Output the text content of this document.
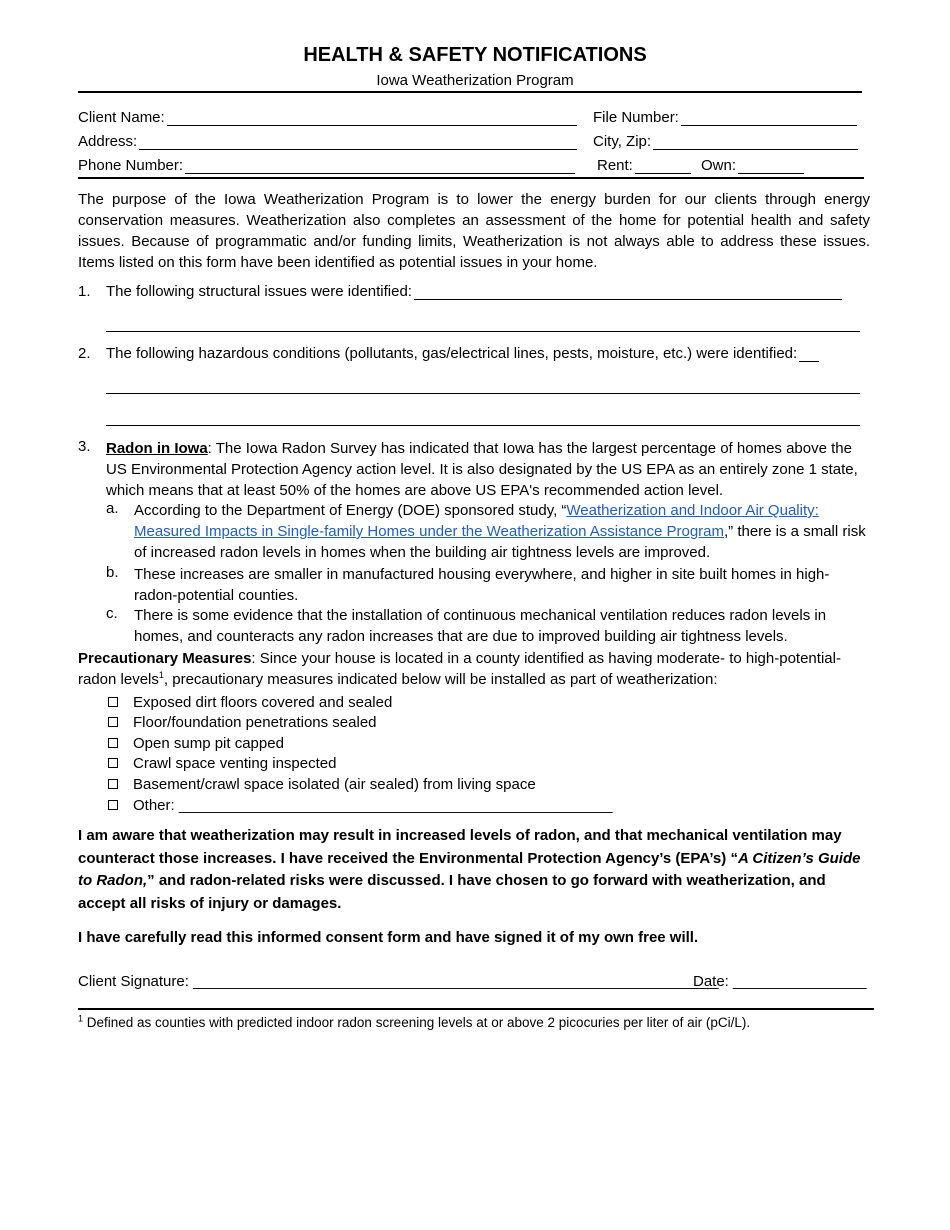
HEALTH & SAFETY NOTIFICATIONS
Iowa Weatherization Program
Client Name:	File Number:
Address:	City, Zip:
Phone Number:	Rent:	Own:
The purpose of the Iowa Weatherization Program is to lower the energy burden for our clients through energy conservation measures. Weatherization also completes an assessment of the home for potential health and safety issues. Because of programmatic and/or funding limits, Weatherization is not always able to address these issues. Items listed on this form have been identified as potential issues in your home.
1. The following structural issues were identified:
2. The following hazardous conditions (pollutants, gas/electrical lines, pests, moisture, etc.) were identified:
3. Radon in Iowa: The Iowa Radon Survey has indicated that Iowa has the largest percentage of homes above the US Environmental Protection Agency action level. It is also designated by the US EPA as an entirely zone 1 state, which means that at least 50% of the homes are above US EPA's recommended action level.
a. According to the Department of Energy (DOE) sponsored study, “Weatherization and Indoor Air Quality: Measured Impacts in Single-family Homes under the Weatherization Assistance Program,” there is a small risk of increased radon levels in homes when the building air tightness levels are improved.
b. These increases are smaller in manufactured housing everywhere, and higher in site built homes in high-radon-potential counties.
c. There is some evidence that the installation of continuous mechanical ventilation reduces radon levels in homes, and counteracts any radon increases that are due to improved building air tightness levels.
Precautionary Measures: Since your house is located in a county identified as having moderate- to high-potential-radon levels$^1$, precautionary measures indicated below will be installed as part of weatherization:
Exposed dirt floors covered and sealed
Floor/foundation penetrations sealed
Open sump pit capped
Crawl space venting inspected
Basement/crawl space isolated (air sealed) from living space
Other: ____________________________________________________
I am aware that weatherization may result in increased levels of radon, and that mechanical ventilation may counteract those increases. I have received the Environmental Protection Agency’s (EPA’s) “A Citizen’s Guide to Radon,” and radon-related risks were discussed. I have chosen to go forward with weatherization, and accept all risks of injury or damages.
I have carefully read this informed consent form and have signed it of my own free will.
Client Signature: _______________________________________________________________
Date: ________________
$^1$ Defined as counties with predicted indoor radon screening levels at or above 2 picocuries per liter of air (pCi/L).
